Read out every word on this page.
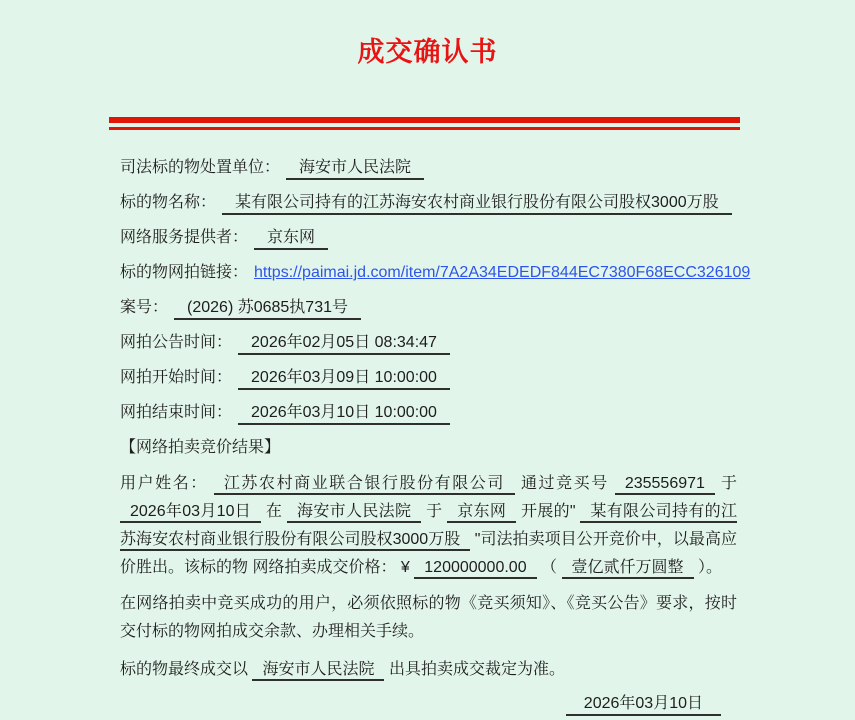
成交确认书
司法标的物处置单位： 海安市人民法院
标的物名称： 某有限公司持有的江苏海安农村商业银行股份有限公司股权3000万股
网络服务提供者： 京东网
标的物网拍链接： https://paimai.jd.com/item/7A2A34EDEDF844EC7380F68ECC326109
案号： (2026) 苏0685执731号
网拍公告时间： 2026年02月05日 08:34:47
网拍开始时间： 2026年03月09日 10:00:00
网拍结束时间： 2026年03月10日 10:00:00
【网络拍卖竞价结果】

用户姓名： 江苏农村商业联合银行股份有限公司 通过竞买号 235556971 于 2026年03月10日 在 海安市人民法院 于 京东网 开展的" 某有限公司持有的江苏海安农村商业银行股份有限公司股权3000万股 "司法拍卖项目公开竞价中，以最高应价胜出。该标的物 网络拍卖成交价格： ¥ 120000000.00 （ 壹亿贰仟万圆整 ）。

在网络拍卖中竞买成功的用户，必须依照标的物《竞买须知》、《竞买公告》要求，按时交付标的物网拍成交余款、办理相关手续。

标的物最终成交以 海安市人民法院 出具拍卖成交裁定为准。

2026年03月10日
